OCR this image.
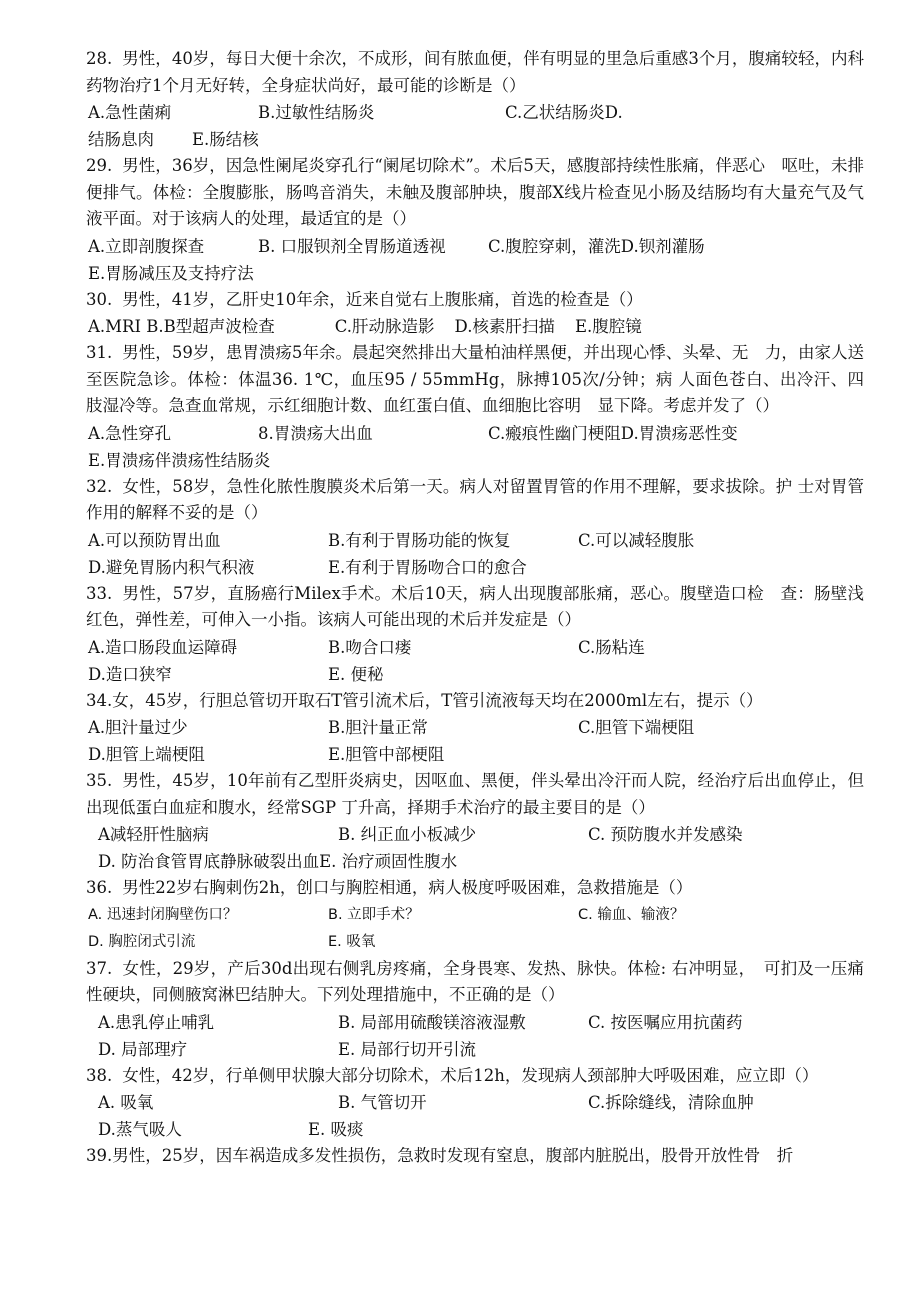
28. 男性，40岁，每日大便十余次，不成形，间有脓血便，伴有明显的里急后重感3个月，腹痛较轻，内科药物治疗1个月无好转，全身症状尚好，最可能的诊断是（）

A.急性菌痢	B.过敏性结肠炎	C.乙状结肠炎 D.
结肠息肉	E.肠结核

29. 男性，36岁，因急性阑尾炎穿孔行“阑尾切除术”。术后5天，感腹部持续性胀痛，伴恶心　呕吐，未排便排气。体检：全腹膨胀，肠鸣音消失，未触及腹部肿块，腹部X线片检查见小肠及结肠均有大量充气及气液平面。对于该病人的处理，最适宜的是（）

A.立即剖腹探查	B. 口服钡剂全胃肠道透视	C.腹腔穿刺，灌洗 D.钡剂灌肠
E.胃肠减压及支持疗法

30. 男性，41岁，乙肝史10年余，近来自觉右上腹胀痛，首选的检查是（）

A.MRI B.B型超声波检查	C.肝动脉造影 D.核素肝扫描 E.腹腔镜

31. 男性，59岁，患胃溃疡5年余。晨起突然排出大量柏油样黑便，并出现心悸、头晕、无　力，由家人送至医院急诊。体检：体温36. 1℃，血压95 / 55mmHg，脉搏105次/分钟；病 人面色苍白、出冷汗、四肢湿冷等。急查血常规，示红细胞计数、血红蛋白值、血细胞比容明　显下降。考虑并发了（）

A.急性穿孔	8.胃溃疡大出血	C.瘢痕性幽门梗阻 D.胃溃疡恶性变
E.胃溃疡伴溃疡性结肠炎

32. 女性，58岁，急性化脓性腹膜炎术后第一天。病人对留置胃管的作用不理解，要求拔除。护 士对胃管作用的解释不妥的是（）

A.可以预防胃出血	B.有利于胃肠功能的恢复	C.可以减轻腹胀
D.避免胃肠内积气积液	E.有利于胃肠吻合口的愈合

33. 男性，57岁，直肠癌行Milex手术。术后10天，病人出现腹部胀痛，恶心。腹壁造口检　查：肠壁浅红色，弹性差，可伸入一小指。该病人可能出现的术后并发症是（）

A.造口肠段血运障碍	B.吻合口瘘	C.肠粘连
D.造口狭窄	E. 便秘

34.女，45岁，行胆总管切开取石T管引流术后，T管引流液每天均在2000ml左右，提示（）

A.胆汁量过少	B.胆汁量正常	C.胆管下端梗阻
D.胆管上端梗阻	E.胆管中部梗阻

35. 男性，45岁，10年前有乙型肝炎病史，因呕血、黑便，伴头晕出冷汗而人院，经治疗后出血停止，但出现低蛋白血症和腹水，经常SGP 丁升高，择期手术治疗的最主要目的是（）

A减轻肝性脑病	B. 纠正血小板减少	C. 预防腹水并发感染
D. 防治食管胃底静脉破裂出血E. 治疗顽固性腹水

36. 男性22岁右胸刺伤2h，创口与胸腔相通，病人极度呼吸困难，急救措施是（）

A. 迅速封闭胸壁伤口？	B. 立即手术？	C. 输血、输液？
D. 胸腔闭式引流	E. 吸氧

37. 女性，29岁，产后30d出现右侧乳房疼痛，全身畏寒、发热、脉快。体检: 右冲明显，　可扪及一压痛性硬块，同侧腋窝淋巴结肿大。下列处理措施中，不正确的是（）

A.患乳停止哺乳	B. 局部用硫酸镁溶液湿敷	C. 按医嘱应用抗菌药
D. 局部理疗	E. 局部行切开引流

38. 女性，42岁，行单侧甲状腺大部分切除术，术后12h，发现病人颈部肿大呼吸困难，应立即（）

A. 吸氧	B. 气管切开	C.拆除缝线，清除血肿
D.蒸气吸人	E. 吸痰

39.男性，25岁，因车祸造成多发性损伤，急救时发现有窒息，腹部内脏脱出，股骨开放性骨　折
